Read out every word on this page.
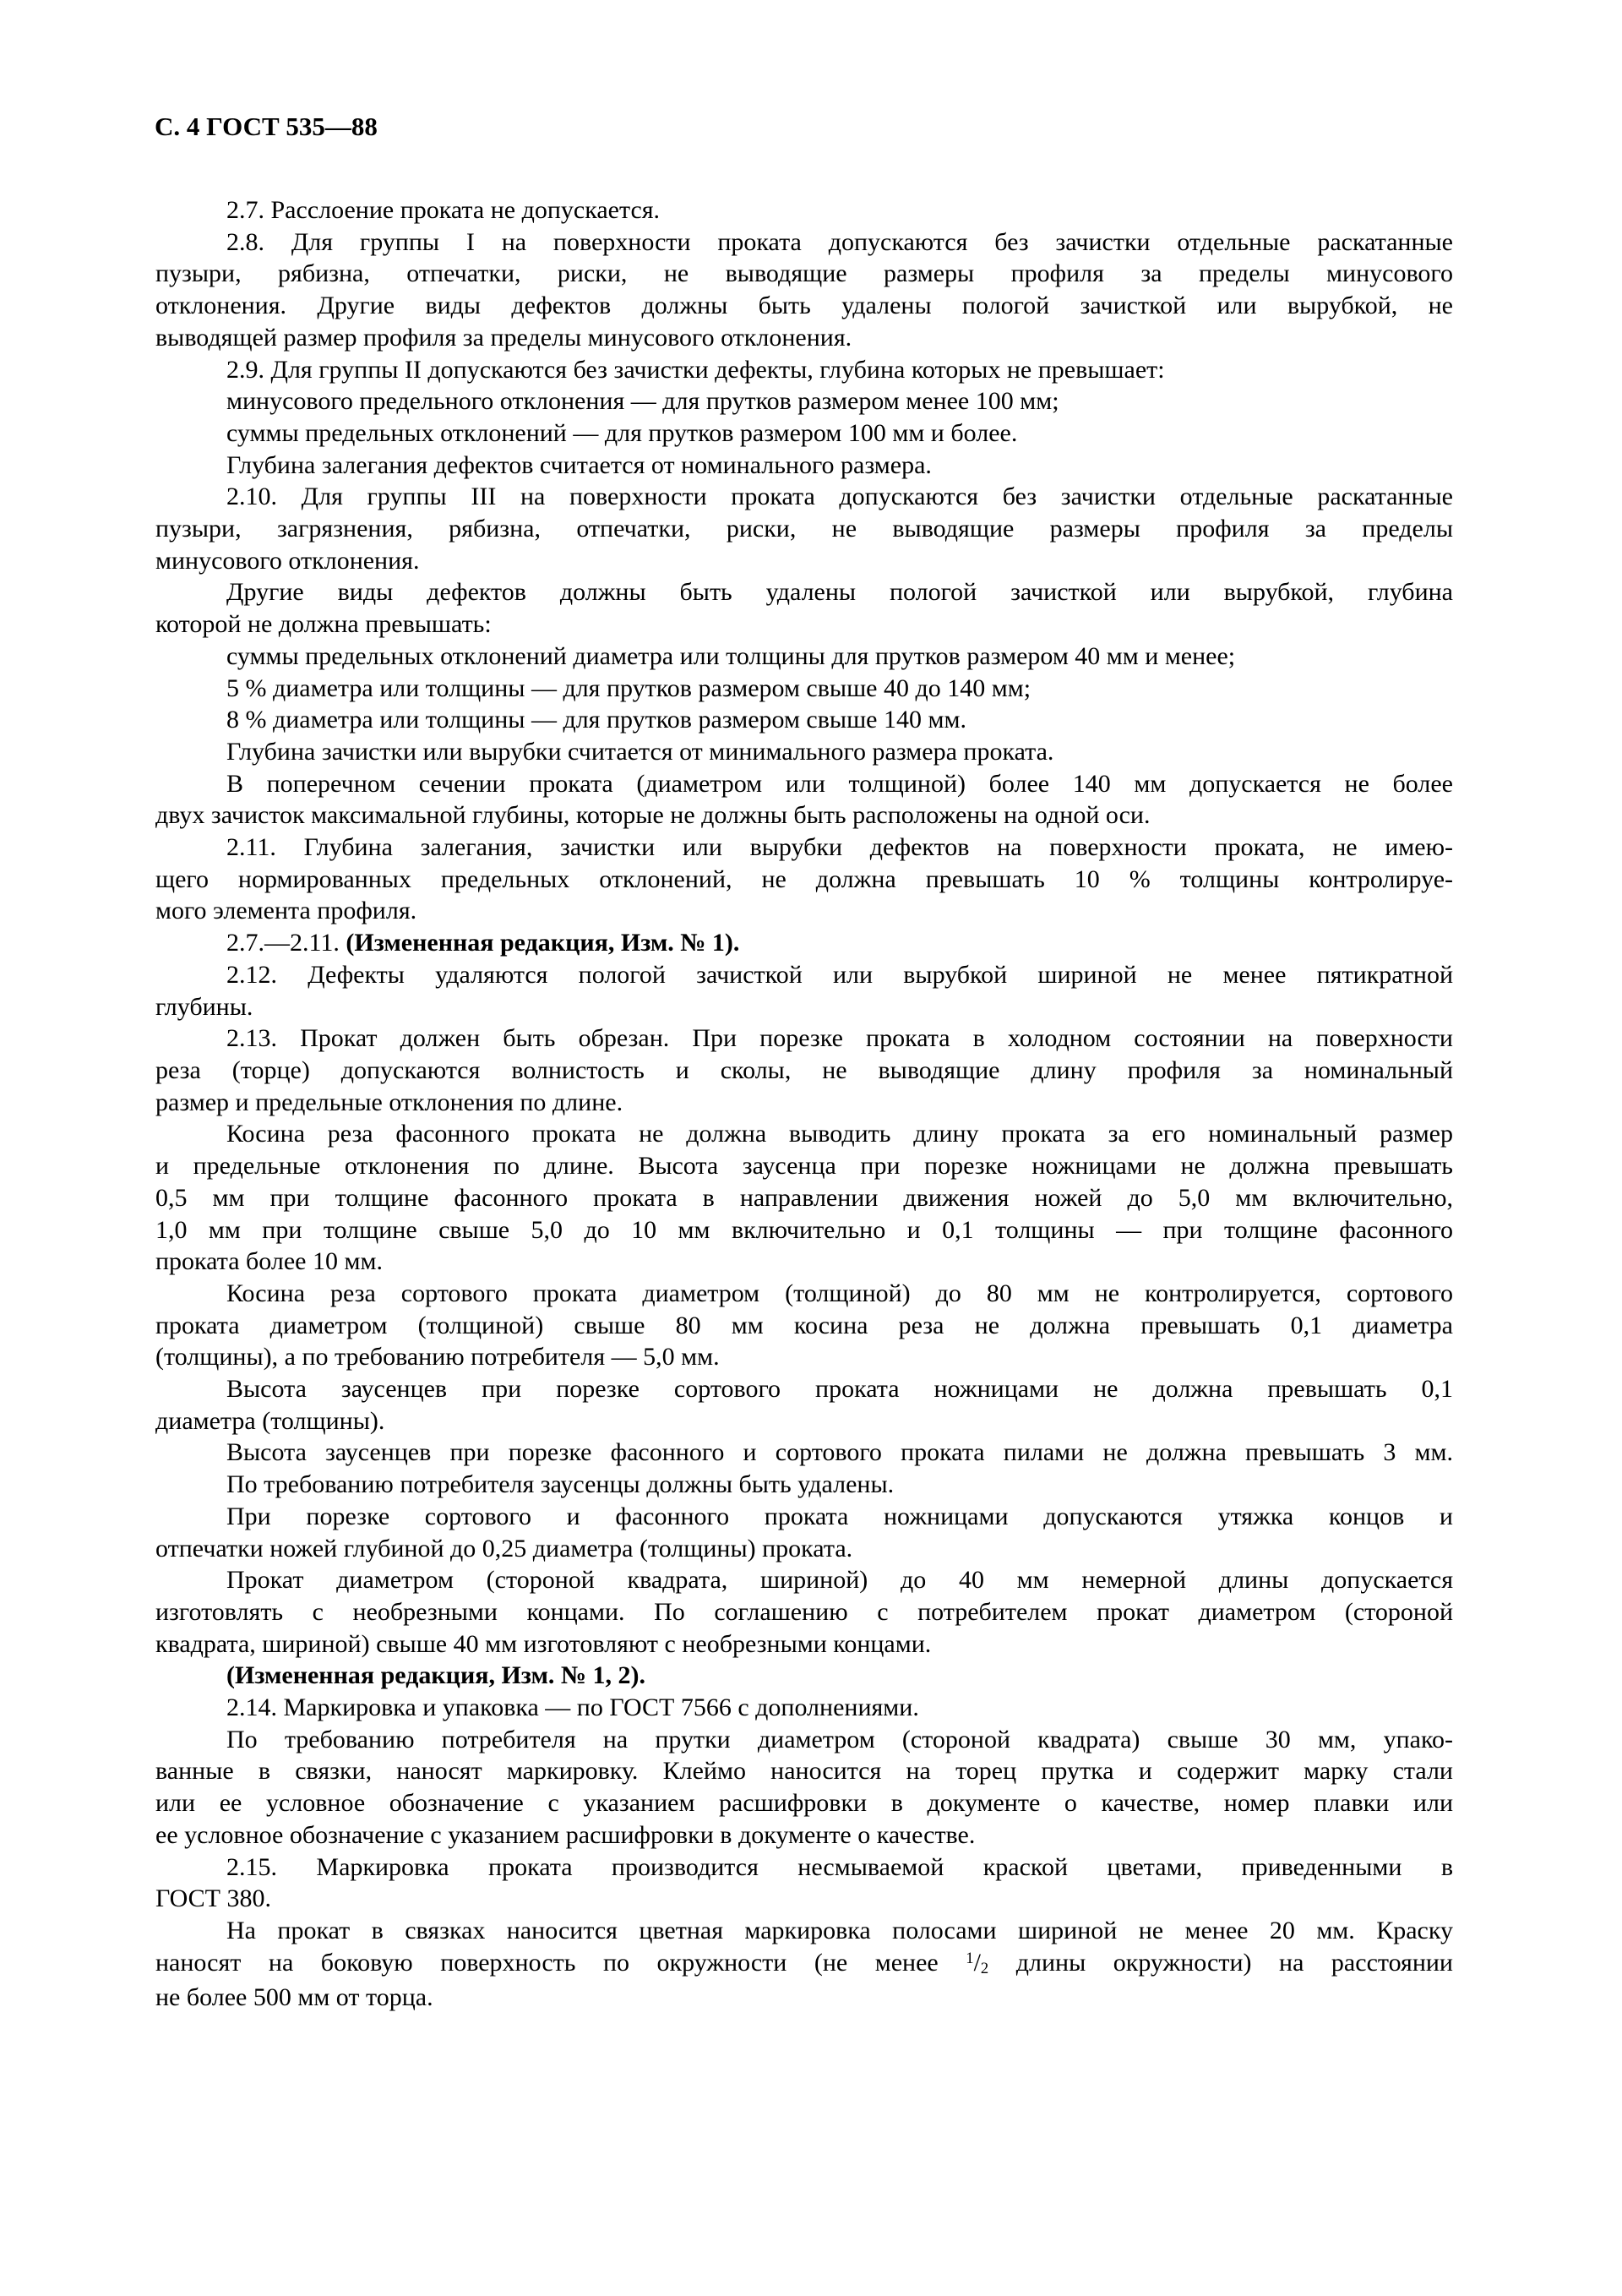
С. 4 ГОСТ 535—88
2.7. Расслоение проката не допускается.
2.8. Для группы I на поверхности проката допускаются без зачистки отдельные раскатанные
пузыри, рябизна, отпечатки, риски, не выводящие размеры профиля за пределы минусового
отклонения. Другие виды дефектов должны быть удалены пологой зачисткой или вырубкой, не
выводящей размер профиля за пределы минусового отклонения.
2.9. Для группы II допускаются без зачистки дефекты, глубина которых не превышает:
минусового предельного отклонения — для прутков размером менее 100 мм;
суммы предельных отклонений — для прутков размером 100 мм и более.
Глубина залегания дефектов считается от номинального размера.
2.10. Для группы III на поверхности проката допускаются без зачистки отдельные раскатанные
пузыри, загрязнения, рябизна, отпечатки, риски, не выводящие размеры профиля за пределы
минусового отклонения.
Другие виды дефектов должны быть удалены пологой зачисткой или вырубкой, глубина
которой не должна превышать:
суммы предельных отклонений диаметра или толщины для прутков размером 40 мм и менее;
5 % диаметра или толщины — для прутков размером свыше 40 до 140 мм;
8 % диаметра или толщины — для прутков размером свыше 140 мм.
Глубина зачистки или вырубки считается от минимального размера проката.
В поперечном сечении проката (диаметром или толщиной) более 140 мм допускается не более
двух зачисток максимальной глубины, которые не должны быть расположены на одной оси.
2.11. Глубина залегания, зачистки или вырубки дефектов на поверхности проката, не имею-
щего нормированных предельных отклонений, не должна превышать 10 % толщины контролируе-
мого элемента профиля.
2.7.—2.11. (Измененная редакция, Изм. № 1).
2.12. Дефекты удаляются пологой зачисткой или вырубкой шириной не менее пятикратной
глубины.
2.13. Прокат должен быть обрезан. При порезке проката в холодном состоянии на поверхности
реза (торце) допускаются волнистость и сколы, не выводящие длину профиля за номинальный
размер и предельные отклонения по длине.
Косина реза фасонного проката не должна выводить длину проката за его номинальный размер
и предельные отклонения по длине. Высота заусенца при порезке ножницами не должна превышать
0,5 мм при толщине фасонного проката в направлении движения ножей до 5,0 мм включительно,
1,0 мм при толщине свыше 5,0 до 10 мм включительно и 0,1 толщины — при толщине фасонного
проката более 10 мм.
Косина реза сортового проката диаметром (толщиной) до 80 мм не контролируется, сортового
проката диаметром (толщиной) свыше 80 мм косина реза не должна превышать 0,1 диаметра
(толщины), а по требованию потребителя — 5,0 мм.
Высота заусенцев при порезке сортового проката ножницами не должна превышать 0,1
диаметра (толщины).
Высота заусенцев при порезке фасонного и сортового проката пилами не должна превышать 3 мм.
По требованию потребителя заусенцы должны быть удалены.
При порезке сортового и фасонного проката ножницами допускаются утяжка концов и
отпечатки ножей глубиной до 0,25 диаметра (толщины) проката.
Прокат диаметром (стороной квадрата, шириной) до 40 мм немерной длины допускается
изготовлять с необрезными концами. По соглашению с потребителем прокат диаметром (стороной
квадрата, шириной) свыше 40 мм изготовляют с необрезными концами.
(Измененная редакция, Изм. № 1, 2).
2.14. Маркировка и упаковка — по ГОСТ 7566 с дополнениями.
По требованию потребителя на прутки диаметром (стороной квадрата) свыше 30 мм, упако-
ванные в связки, наносят маркировку. Клеймо наносится на торец прутка и содержит марку стали
или ее условное обозначение с указанием расшифровки в документе о качестве, номер плавки или
ее условное обозначение с указанием расшифровки в документе о качестве.
2.15. Маркировка проката производится несмываемой краской цветами, приведенными в
ГОСТ 380.
На прокат в связках наносится цветная маркировка полосами шириной не менее 20 мм. Краску
наносят на боковую поверхность по окружности (не менее $^1$/2 длины окружности) на расстоянии
не более 500 мм от торца.
